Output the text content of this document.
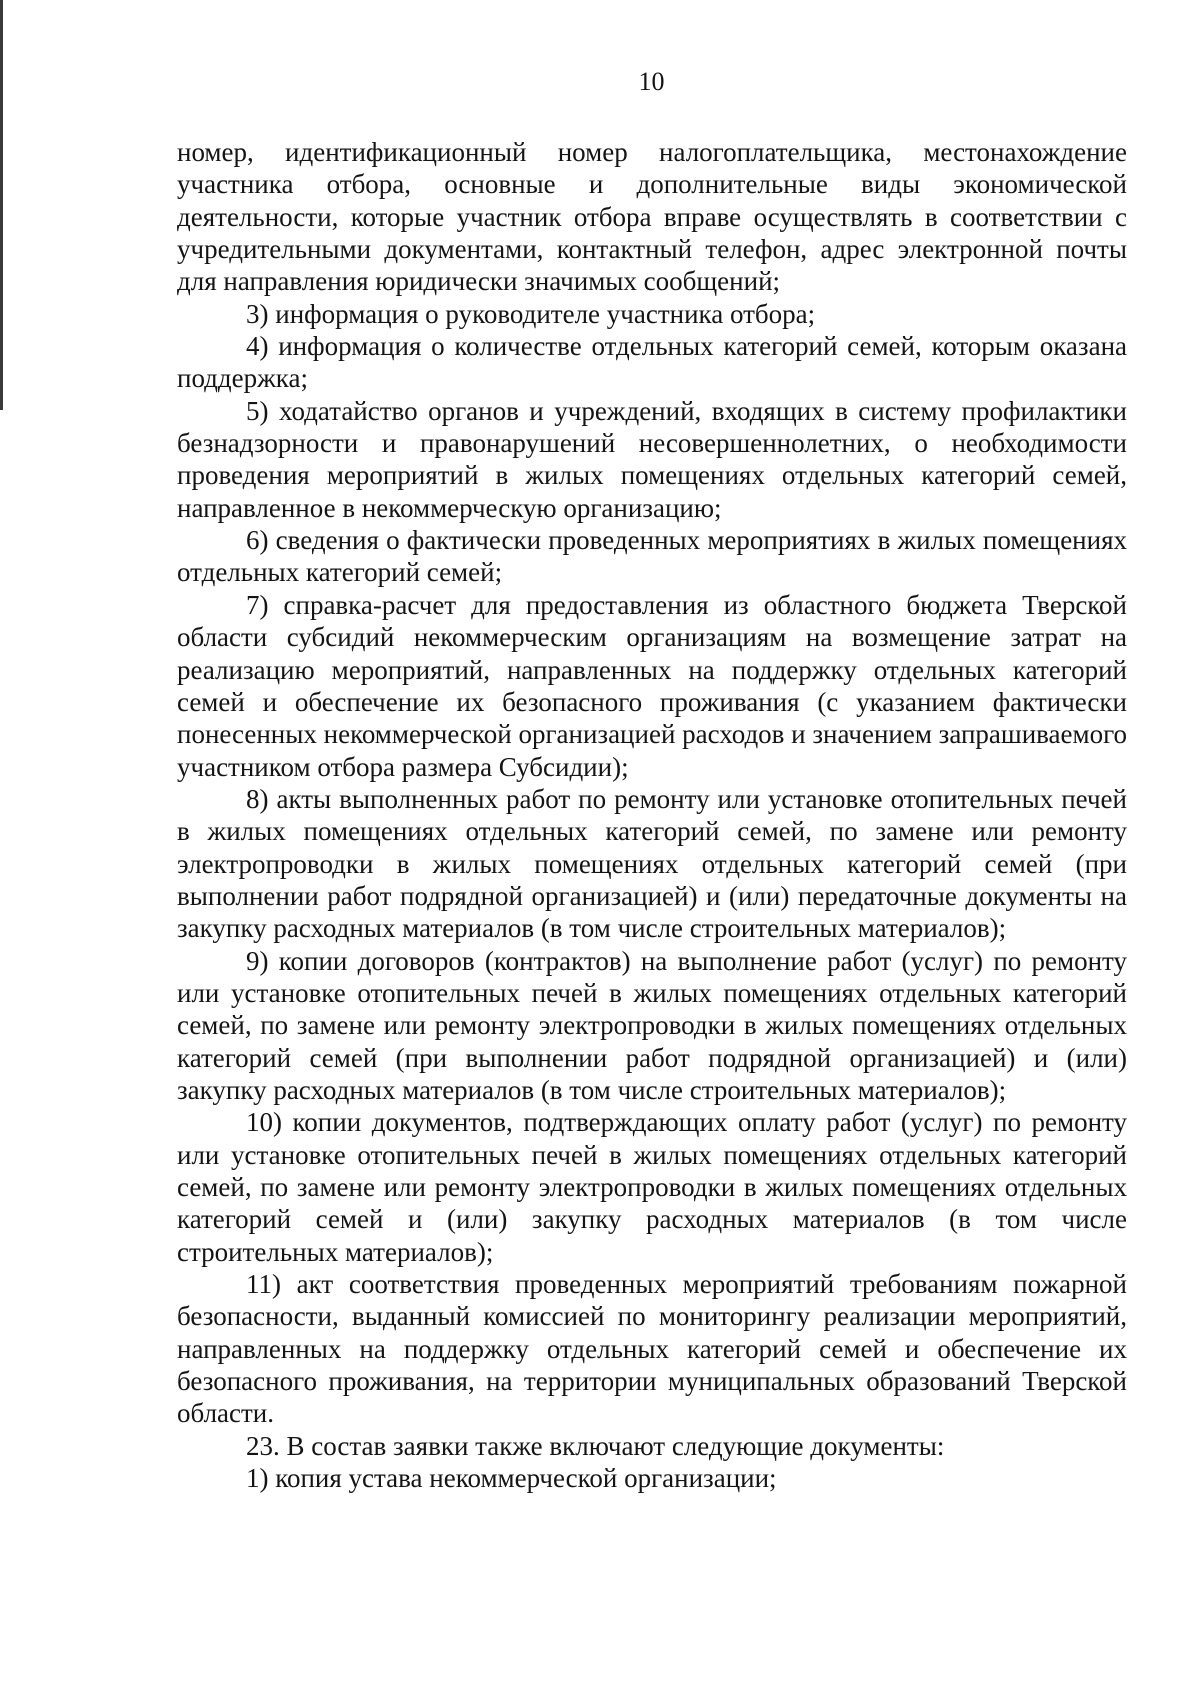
10

номер, идентификационный номер налогоплательщика, местонахождение участника отбора, основные и дополнительные виды экономической деятельности, которые участник отбора вправе осуществлять в соответствии с учредительными документами, контактный телефон, адрес электронной почты для направления юридически значимых сообщений;

3) информация о руководителе участника отбора;

4) информация о количестве отдельных категорий семей, которым оказана поддержка;

5) ходатайство органов и учреждений, входящих в систему профилактики безнадзорности и правонарушений несовершеннолетних, о необходимости проведения мероприятий в жилых помещениях отдельных категорий семей, направленное в некоммерческую организацию;

6) сведения о фактически проведенных мероприятиях в жилых помещениях отдельных категорий семей;

7) справка-расчет для предоставления из областного бюджета Тверской области субсидий некоммерческим организациям на возмещение затрат на реализацию мероприятий, направленных на поддержку отдельных категорий семей и обеспечение их безопасного проживания (с указанием фактически понесенных некоммерческой организацией расходов и значением запрашиваемого участником отбора размера Субсидии);

8) акты выполненных работ по ремонту или установке отопительных печей в жилых помещениях отдельных категорий семей, по замене или ремонту электропроводки в жилых помещениях отдельных категорий семей (при выполнении работ подрядной организацией) и (или) передаточные документы на закупку расходных материалов (в том числе строительных материалов);

9) копии договоров (контрактов) на выполнение работ (услуг) по ремонту или установке отопительных печей в жилых помещениях отдельных категорий семей, по замене или ремонту электропроводки в жилых помещениях отдельных категорий семей (при выполнении работ подрядной организацией) и (или) закупку расходных материалов (в том числе строительных материалов);

10) копии документов, подтверждающих оплату работ (услуг) по ремонту или установке отопительных печей в жилых помещениях отдельных категорий семей, по замене или ремонту электропроводки в жилых помещениях отдельных категорий семей и (или) закупку расходных материалов (в том числе строительных материалов);

11) акт соответствия проведенных мероприятий требованиям пожарной безопасности, выданный комиссией по мониторингу реализации мероприятий, направленных на поддержку отдельных категорий семей и обеспечение их безопасного проживания, на территории муниципальных образований Тверской области.

23. В состав заявки также включают следующие документы:

1) копия устава некоммерческой организации;
